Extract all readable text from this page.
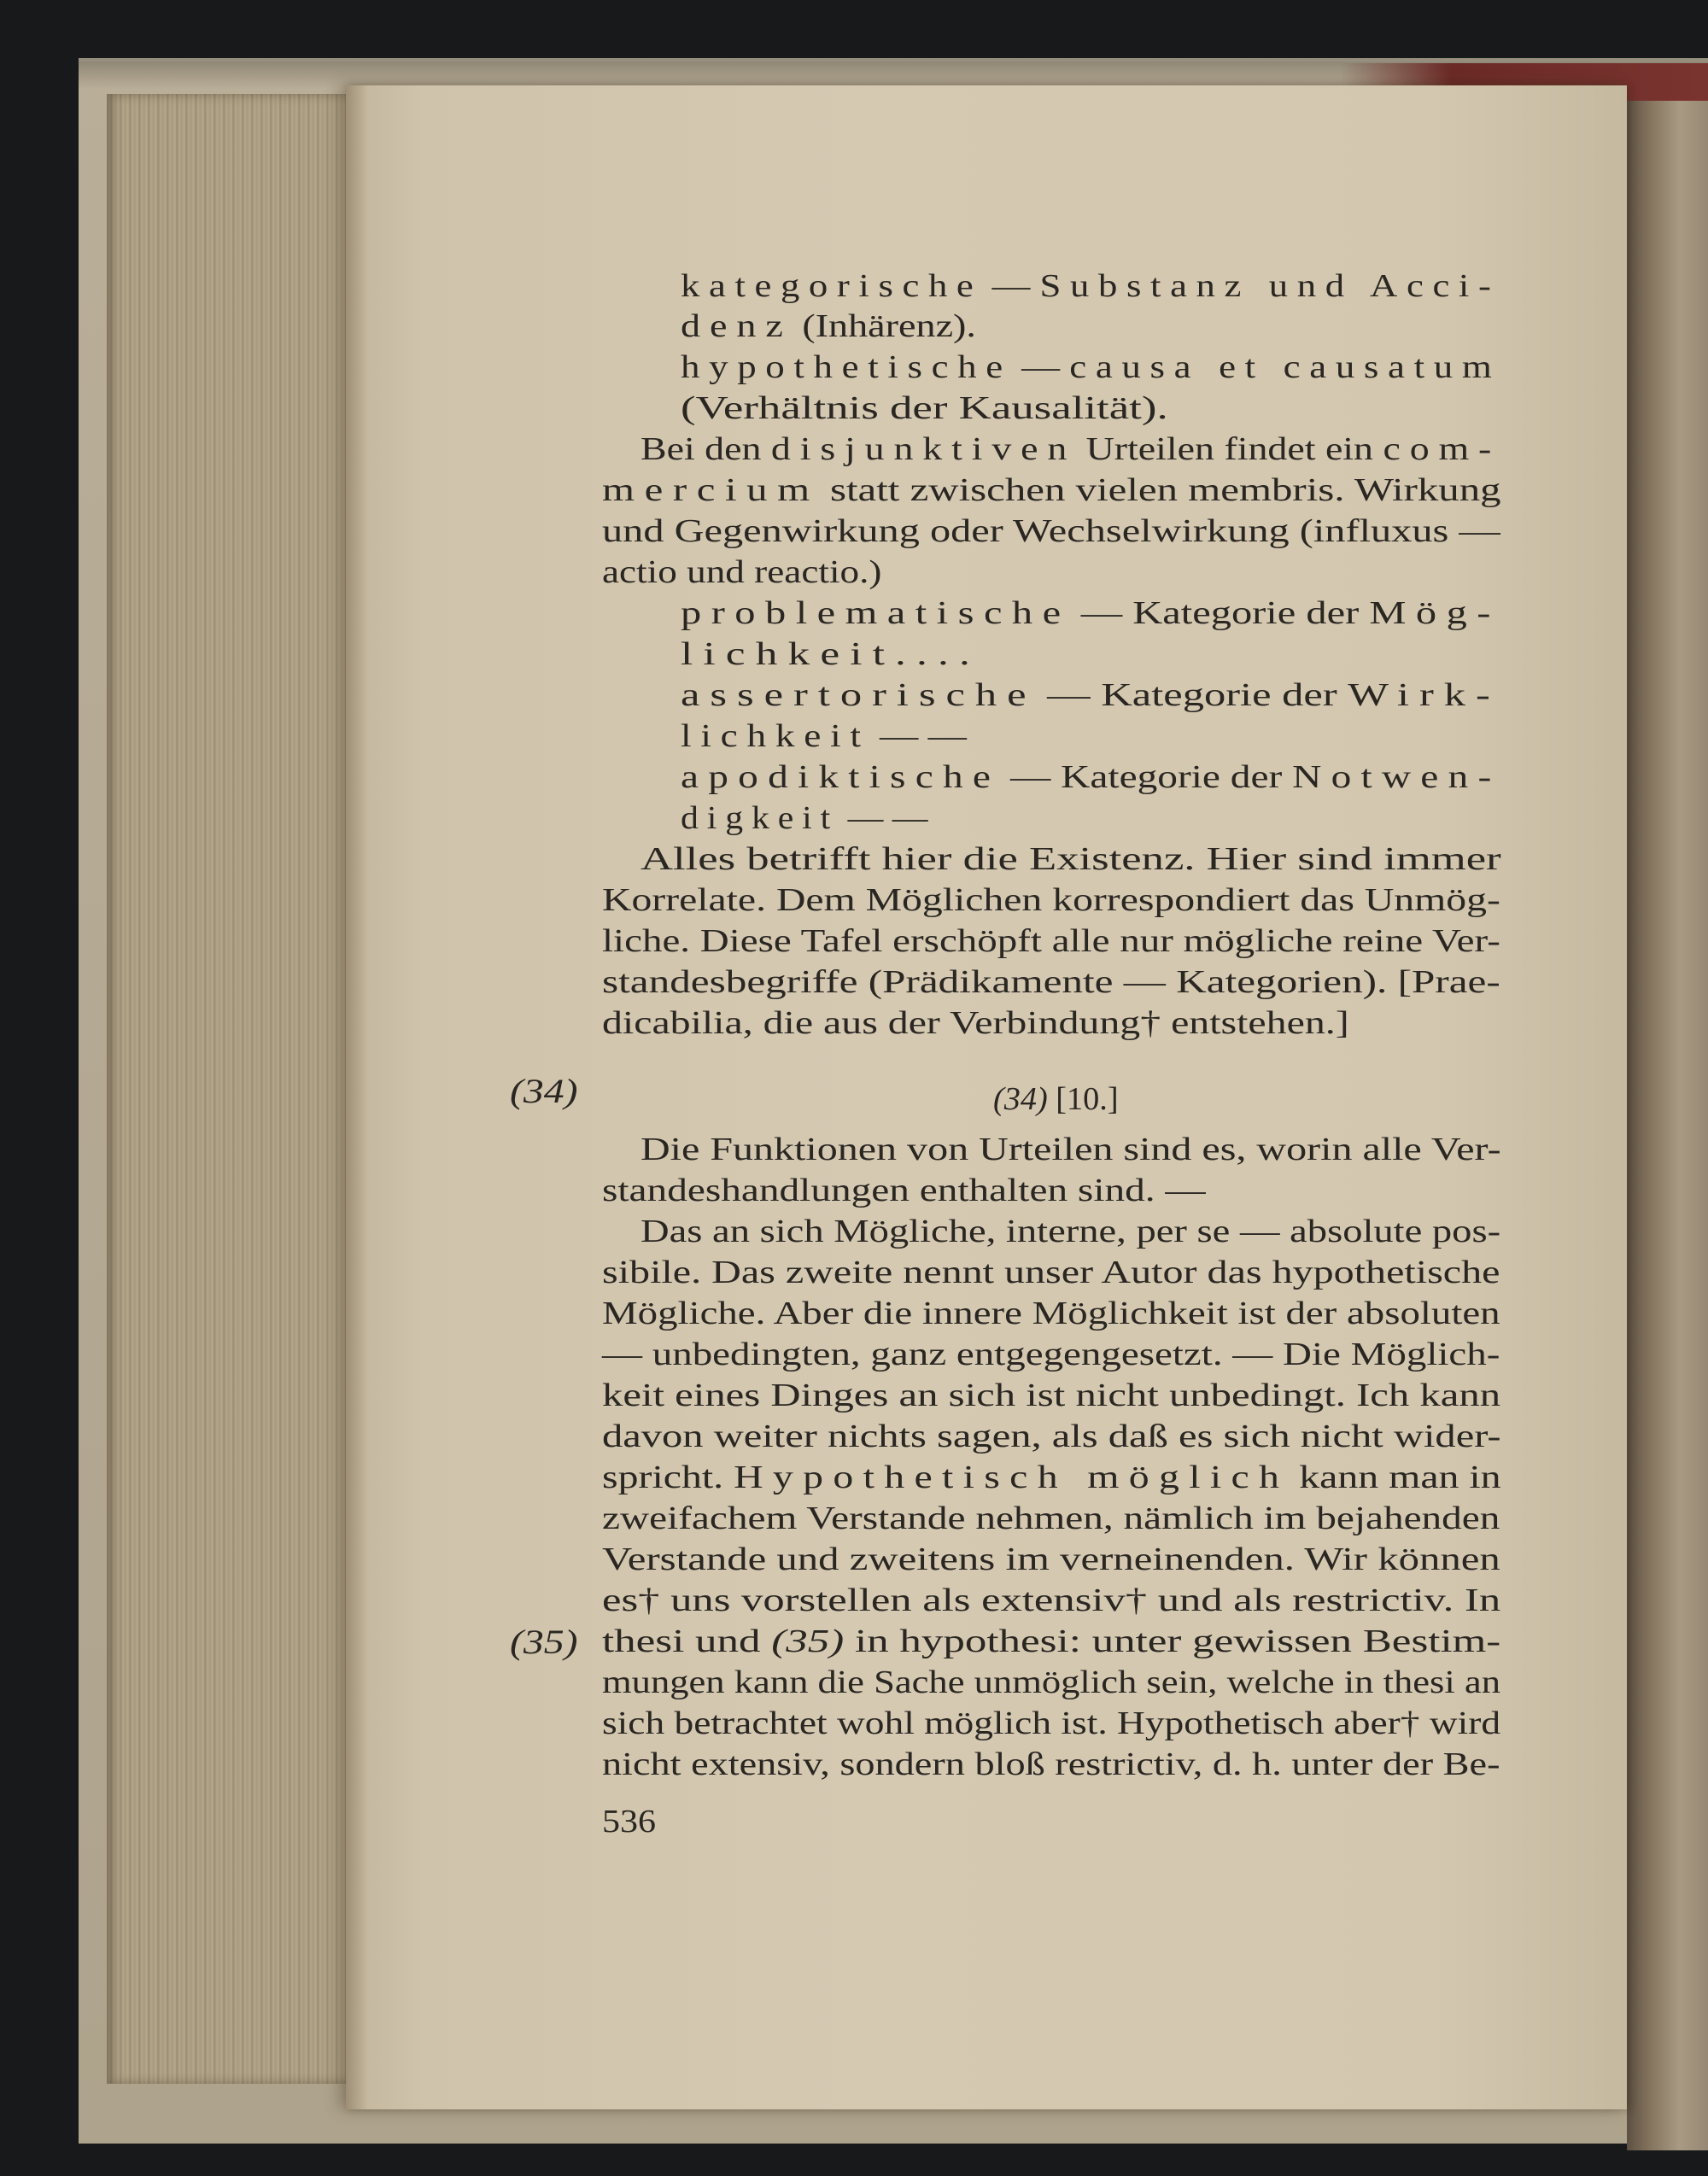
kategorische — Substanz und Acci-
denz (Inhärenz).
hypothetische — causa et causatum
(Verhältnis der Kausalität).
Bei den disjunktiven Urteilen findet ein com-
mercium statt zwischen vielen membris. Wirkung
und Gegenwirkung oder Wechselwirkung (influxus —
actio und reactio.)
problematische — Kategorie der Mög-
lichkeit....
assertorische — Kategorie der Wirk-
lichkeit — —
apodiktische — Kategorie der Notwen-
digkeit — —
Alles betrifft hier die Existenz. Hier sind immer
Korrelate. Dem Möglichen korrespondiert das Unmög-
liche. Diese Tafel erschöpft alle nur mögliche reine Ver-
standesbegriffe (Prädikamente — Kategorien). [Prae-
dicabilia, die aus der Verbindung† entstehen.]
(34) [10.]
Die Funktionen von Urteilen sind es, worin alle Ver-
standeshandlungen enthalten sind. —
Das an sich Mögliche, interne, per se — absolute pos-
sibile. Das zweite nennt unser Autor das hypothetische
Mögliche. Aber die innere Möglichkeit ist der absoluten
— unbedingten, ganz entgegengesetzt. — Die Möglich-
keit eines Dinges an sich ist nicht unbedingt. Ich kann
davon weiter nichts sagen, als daß es sich nicht wider-
spricht. Hypothetisch möglich kann man in
zweifachem Verstande nehmen, nämlich im bejahenden
Verstande und zweitens im verneinenden. Wir können
es† uns vorstellen als extensiv† und als restrictiv. In
thesi und (35) in hypothesi: unter gewissen Bestim-
mungen kann die Sache unmöglich sein, welche in thesi an
sich betrachtet wohl möglich ist. Hypothetisch aber† wird
nicht extensiv, sondern bloß restrictiv, d. h. unter der Be-
(34)
(35)
536
